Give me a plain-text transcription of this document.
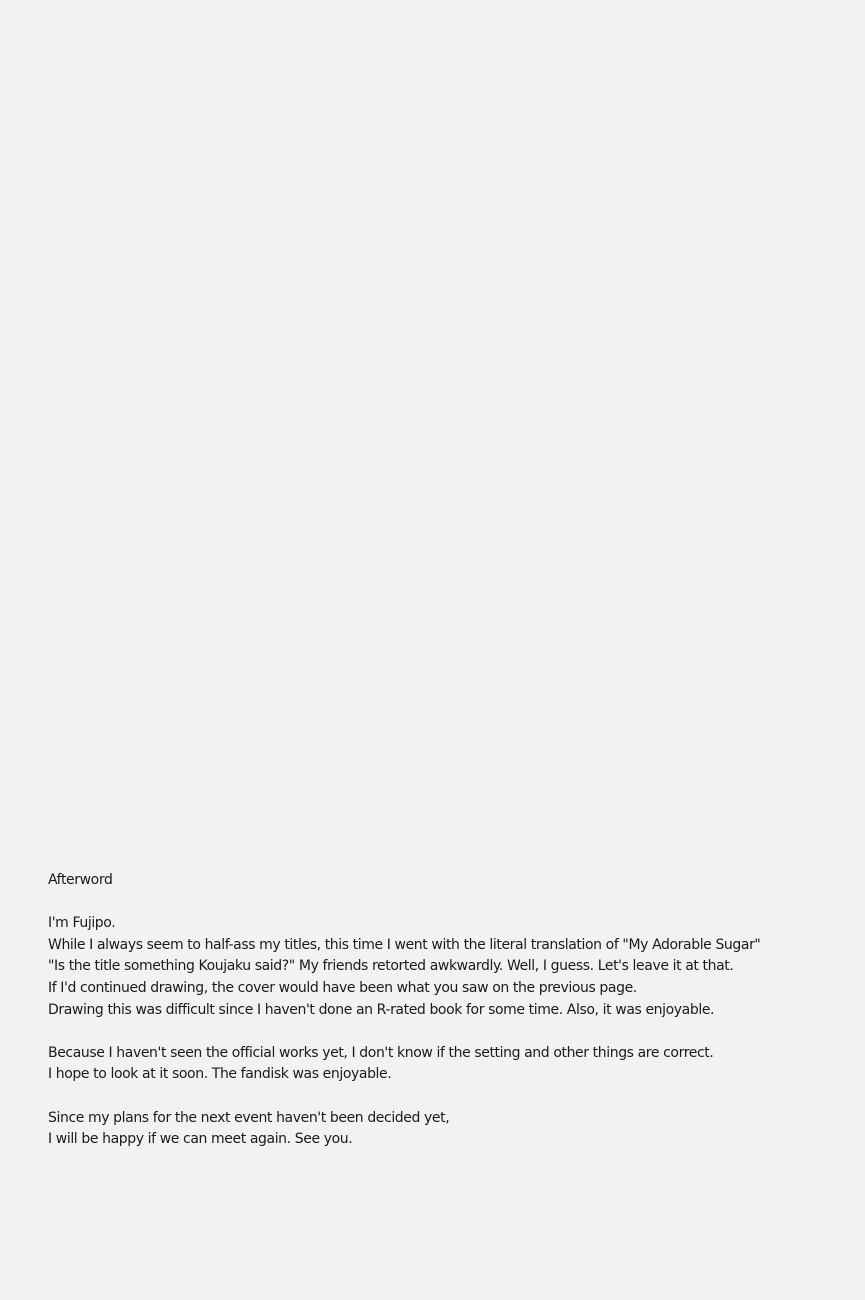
Afterword

I'm Fujipo.

While I always seem to half-ass my titles, this time I went with the literal translation of "My Adorable Sugar"

"Is the title something Koujaku said?" My friends retorted awkwardly. Well, I guess. Let's leave it at that.

If I'd continued drawing, the cover would have been what you saw on the previous page.

Drawing this was difficult since I haven't done an R-rated book for some time. Also, it was enjoyable.

Because I haven't seen the official works yet, I don't know if the setting and other things are correct.

I hope to look at it soon. The fandisk was enjoyable.

Since my plans for the next event haven't been decided yet,

I will be happy if we can meet again. See you.
